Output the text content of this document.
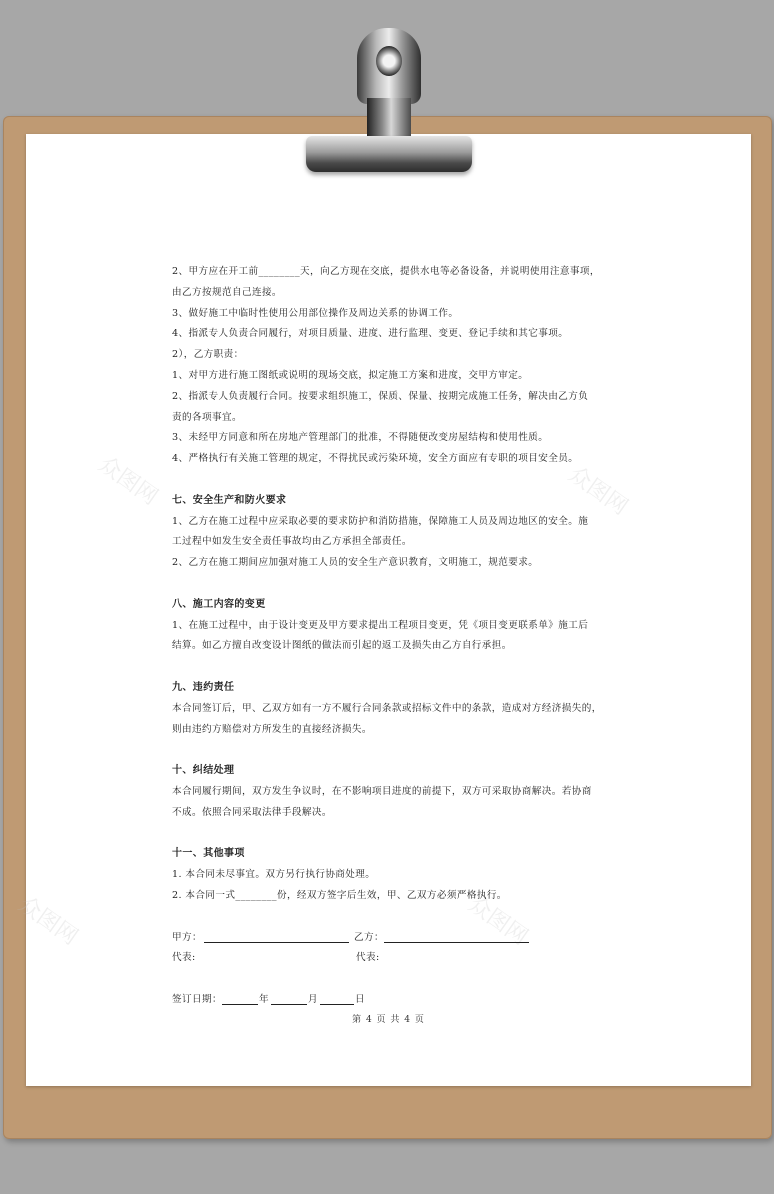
众图网	众图网
众图网	众图网

2、甲方应在开工前________天，向乙方现在交底，提供水电等必备设备，并说明使用注意事项，

由乙方按规范自己连接。

3、做好施工中临时性使用公用部位操作及周边关系的协调工作。

4、指派专人负责合同履行，对项目质量、进度、进行监理、变更、登记手续和其它事项。

2），乙方职责：

1、对甲方进行施工图纸或说明的现场交底，拟定施工方案和进度，交甲方审定。

2、指派专人负责履行合同。按要求组织施工，保质、保量、按期完成施工任务，解决由乙方负

责的各项事宜。

3、未经甲方同意和所在房地产管理部门的批准，不得随便改变房屋结构和使用性质。

4、严格执行有关施工管理的规定，不得扰民或污染环境，安全方面应有专职的项目安全员。

七、安全生产和防火要求

1、乙方在施工过程中应采取必要的要求防护和消防措施，保障施工人员及周边地区的安全。施

工过程中如发生安全责任事故均由乙方承担全部责任。

2、乙方在施工期间应加强对施工人员的安全生产意识教育，文明施工，规范要求。

八、施工内容的变更

1、在施工过程中，由于设计变更及甲方要求提出工程项目变更，凭《项目变更联系单》施工后

结算。如乙方擅自改变设计图纸的做法而引起的返工及损失由乙方自行承担。

九、违约责任

本合同签订后，甲、乙双方如有一方不履行合同条款或招标文件中的条款，造成对方经济损失的，

则由违约方赔偿对方所发生的直接经济损失。

十、纠结处理

本合同履行期间，双方发生争议时，在不影响项目进度的前提下，双方可采取协商解决。若协商

不成。依照合同采取法律手段解决。

十一、其他事项

1. 本合同未尽事宜。双方另行执行协商处理。

2. 本合同一式________份，经双方签字后生效，甲、乙双方必须严格执行。

甲方：	乙方：
代表:	代表:
签订日期：	年	月	日
第 4 页 共 4 页
